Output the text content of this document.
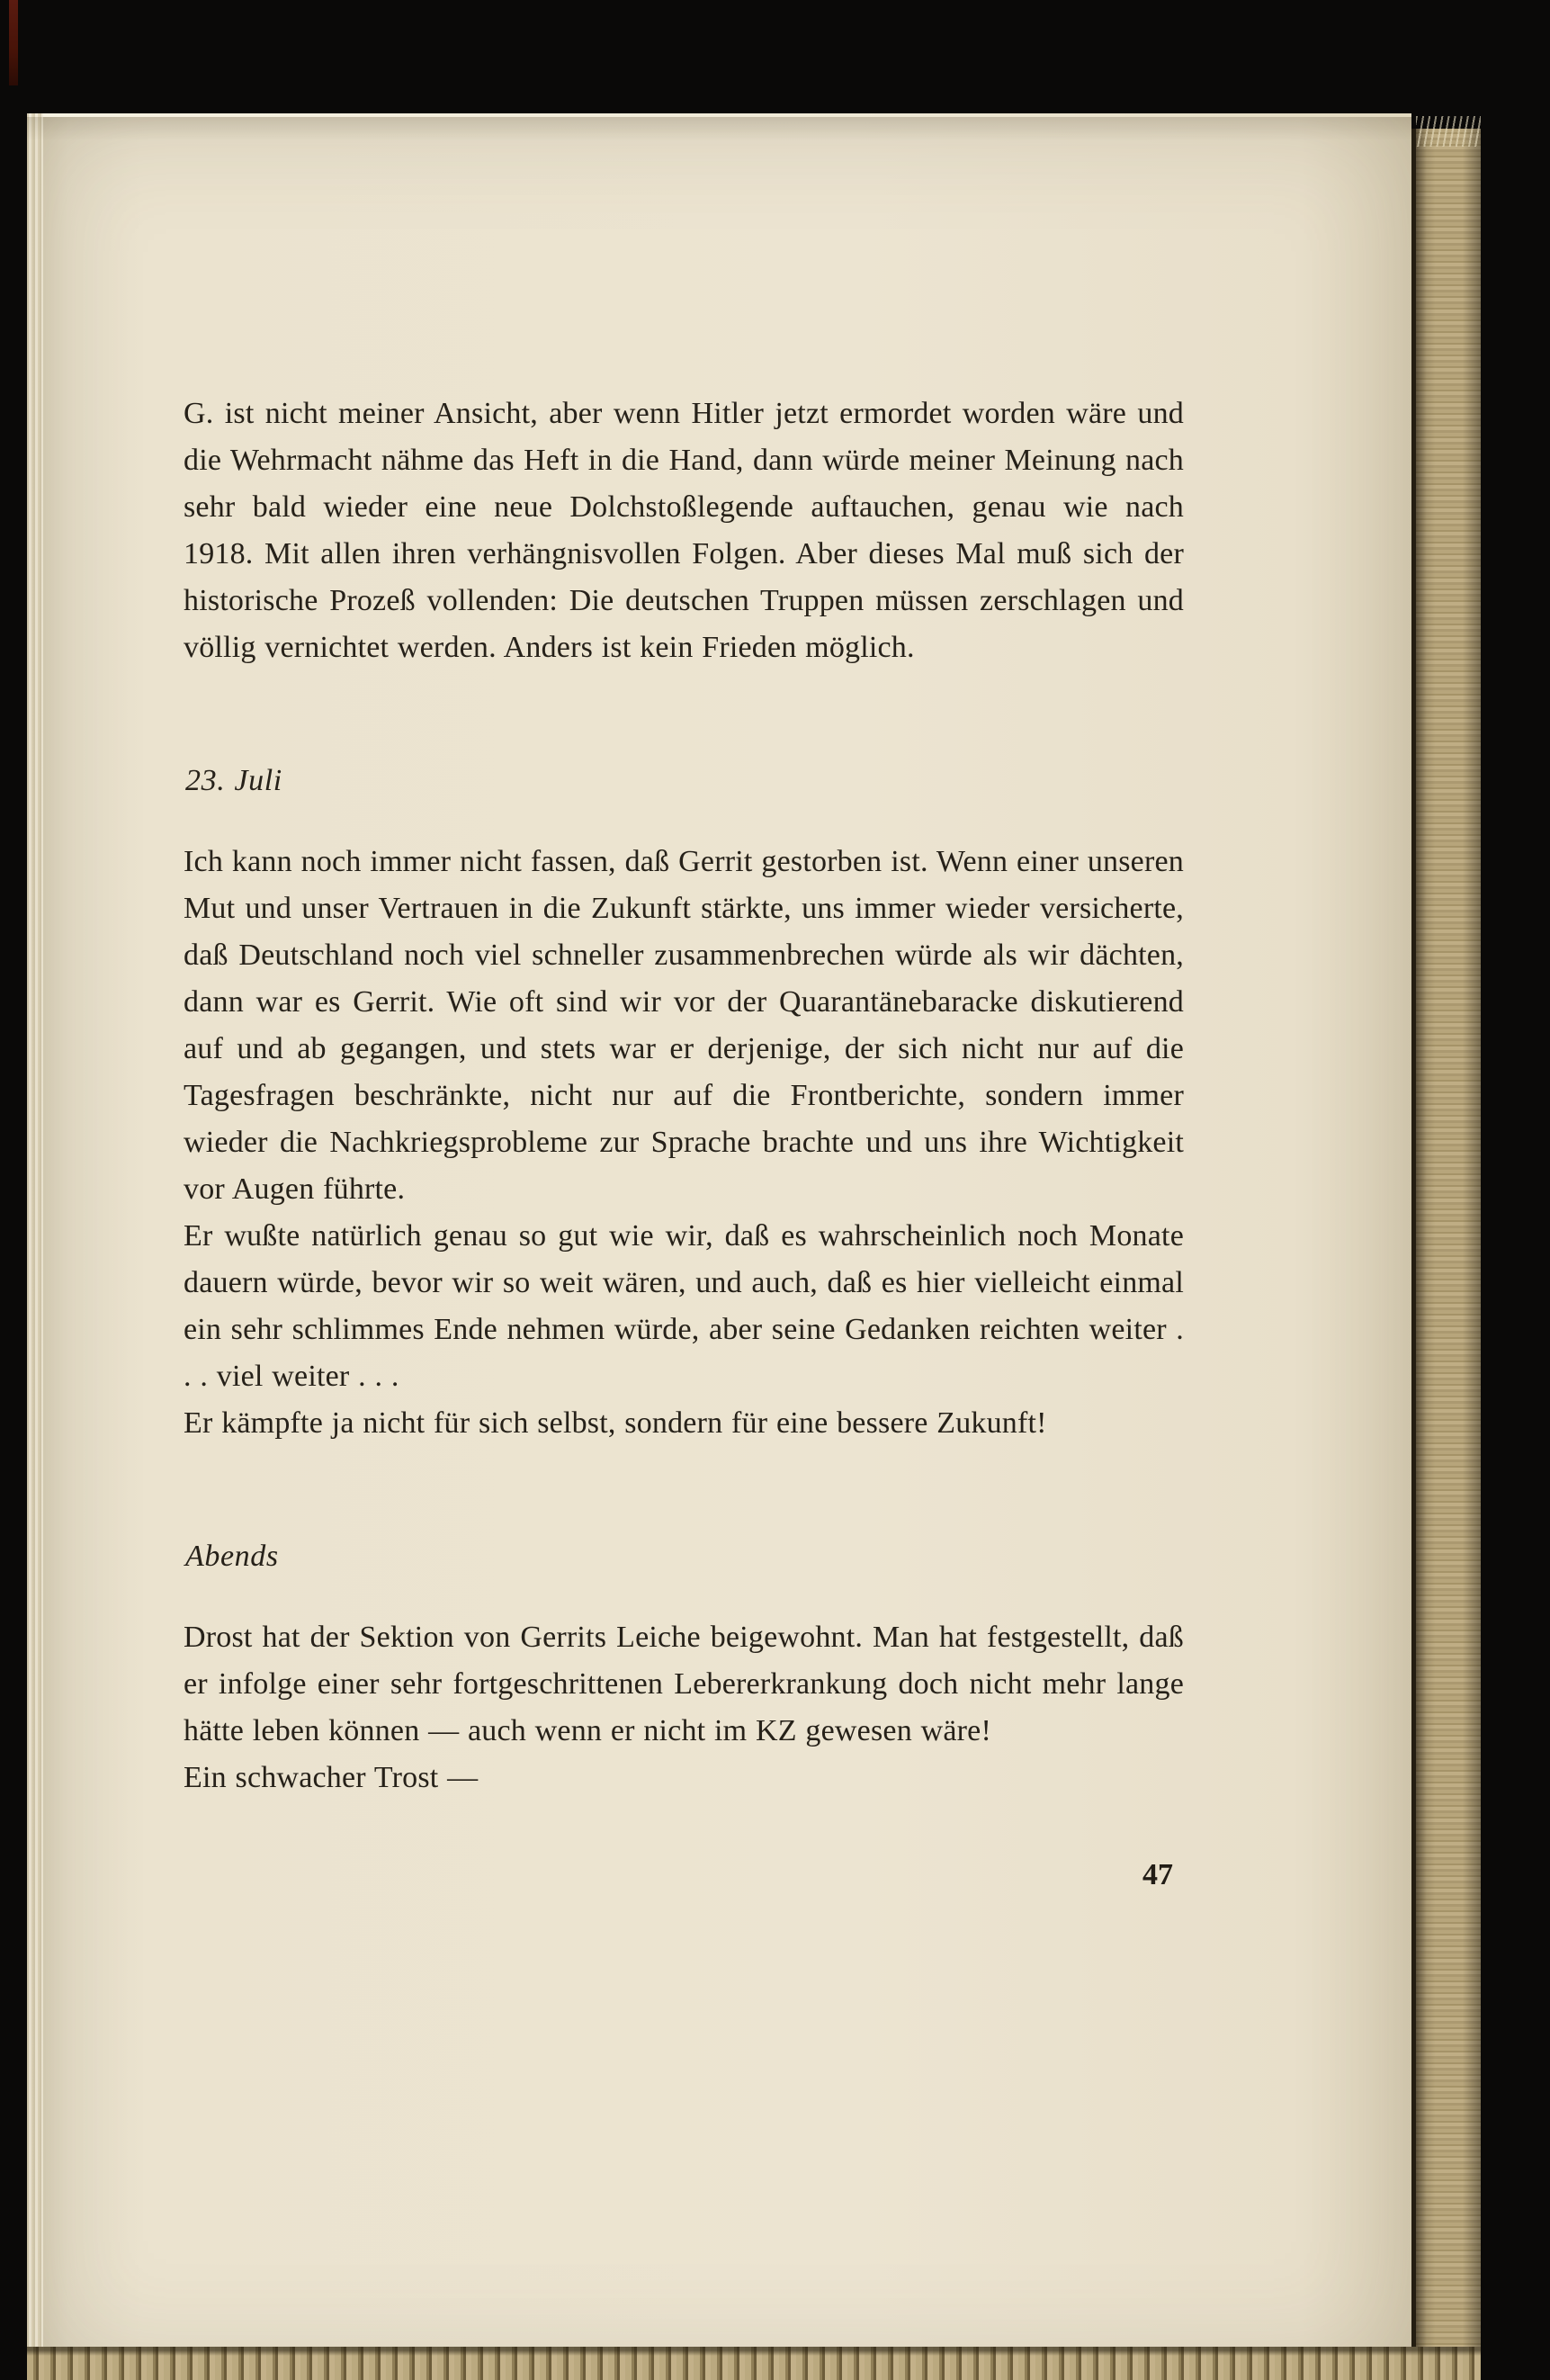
G. ist nicht meiner Ansicht, aber wenn Hitler jetzt ermordet worden wäre und die Wehrmacht nähme das Heft in die Hand, dann würde meiner Meinung nach sehr bald wieder eine neue Dolchstoßlegende auftauchen, genau wie nach 1918. Mit allen ihren verhängnisvollen Folgen. Aber dieses Mal muß sich der historische Prozeß vollenden: Die deutschen Truppen müssen zerschlagen und völlig vernichtet werden. Anders ist kein Frieden möglich.

23. Juli

Ich kann noch immer nicht fassen, daß Gerrit gestorben ist. Wenn einer unseren Mut und unser Vertrauen in die Zukunft stärkte, uns immer wieder versicherte, daß Deutschland noch viel schneller zusammenbrechen würde als wir dächten, dann war es Gerrit. Wie oft sind wir vor der Quarantänebaracke diskutierend auf und ab gegangen, und stets war er derjenige, der sich nicht nur auf die Tagesfragen beschränkte, nicht nur auf die Frontberichte, sondern immer wieder die Nachkriegsprobleme zur Sprache brachte und uns ihre Wichtigkeit vor Augen führte.

Er wußte natürlich genau so gut wie wir, daß es wahrscheinlich noch Monate dauern würde, bevor wir so weit wären, und auch, daß es hier vielleicht einmal ein sehr schlimmes Ende nehmen würde, aber seine Gedanken reichten weiter . . . viel weiter . . .

Er kämpfte ja nicht für sich selbst, sondern für eine bessere Zukunft!

Abends

Drost hat der Sektion von Gerrits Leiche beigewohnt. Man hat festgestellt, daß er infolge einer sehr fortgeschrittenen Lebererkrankung doch nicht mehr lange hätte leben können — auch wenn er nicht im KZ gewesen wäre!

Ein schwacher Trost —

47
